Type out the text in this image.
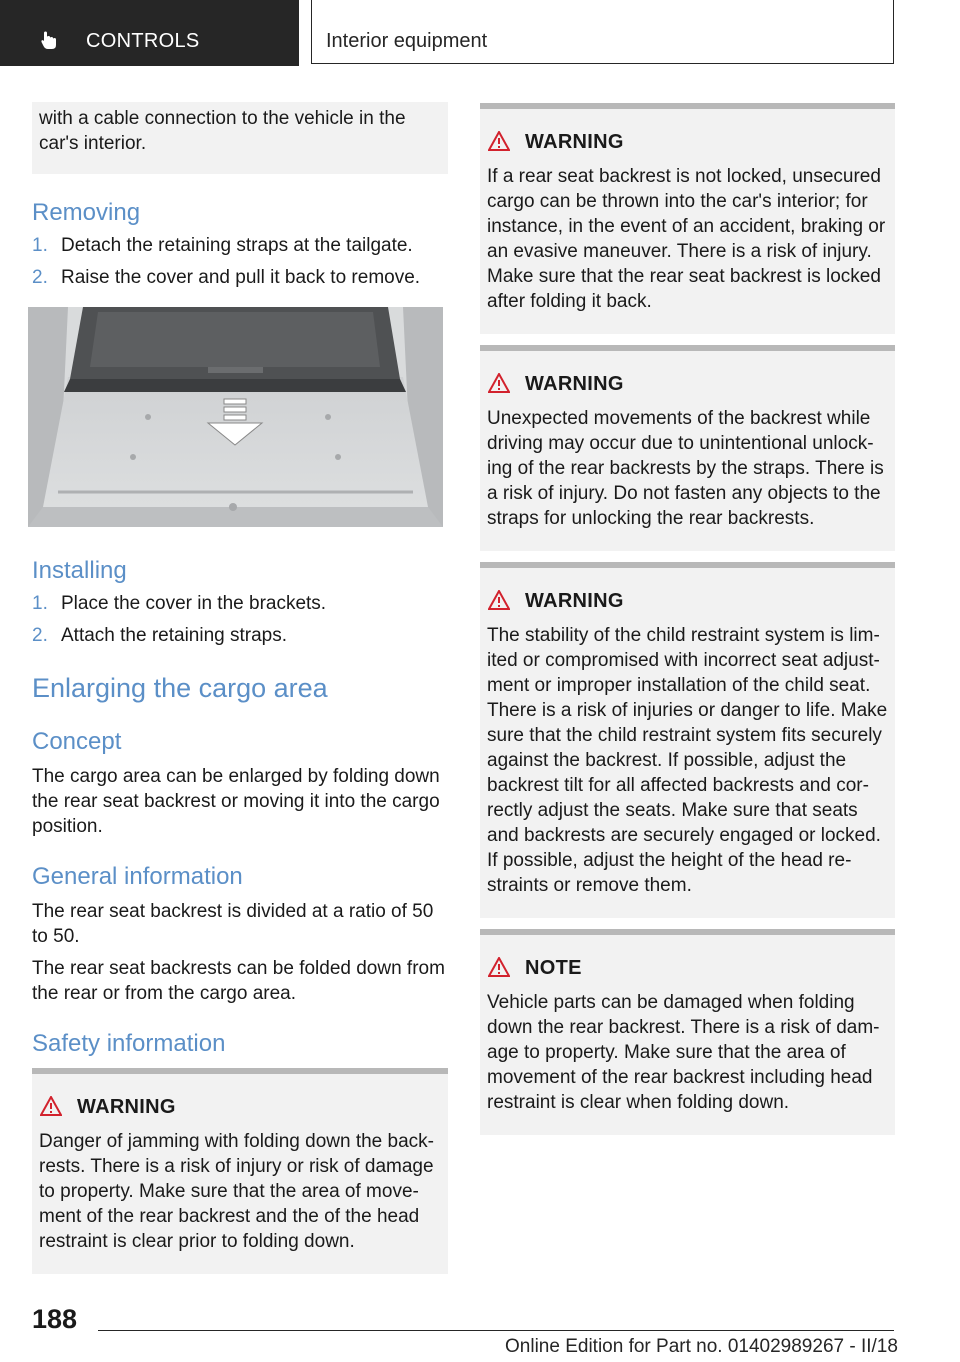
CONTROLS	Interior equipment

with a cable connection to the vehicle in the car's interior.

Removing
1. Detach the retaining straps at the tailgate.
2. Raise the cover and pull it back to remove.
Installing
1. Place the cover in the brackets.
2. Attach the retaining straps.
Enlarging the cargo area
Concept

The cargo area can be enlarged by folding down the rear seat backrest or moving it into the cargo position.

General information

The rear seat backrest is divided at a ratio of 50 to 50.

The rear seat backrests can be folded down from the rear or from the cargo area.

Safety information
WARNING
Danger of jamming with folding down the back-rests. There is a risk of injury or risk of damage to property. Make sure that the area of move-ment of the rear backrest and the of the head restraint is clear prior to folding down.
WARNING
If a rear seat backrest is not locked, unsecured cargo can be thrown into the car's interior; for instance, in the event of an accident, braking or an evasive maneuver. There is a risk of injury. Make sure that the rear seat backrest is locked after folding it back.
WARNING
Unexpected movements of the backrest while driving may occur due to unintentional unlock-ing of the rear backrests by the straps. There is a risk of injury. Do not fasten any objects to the straps for unlocking the rear backrests.
WARNING
The stability of the child restraint system is lim-ited or compromised with incorrect seat adjust-ment or improper installation of the child seat. There is a risk of injuries or danger to life. Make sure that the child restraint system fits securely against the backrest. If possible, adjust the backrest tilt for all affected backrests and cor-rectly adjust the seats. Make sure that seats and backrests are securely engaged or locked. If possible, adjust the height of the head re-straints or remove them.
NOTE
Vehicle parts can be damaged when folding down the rear backrest. There is a risk of dam-age to property. Make sure that the area of movement of the rear backrest including head restraint is clear when folding down.
188
Online Edition for Part no. 01402989267 - II/18
